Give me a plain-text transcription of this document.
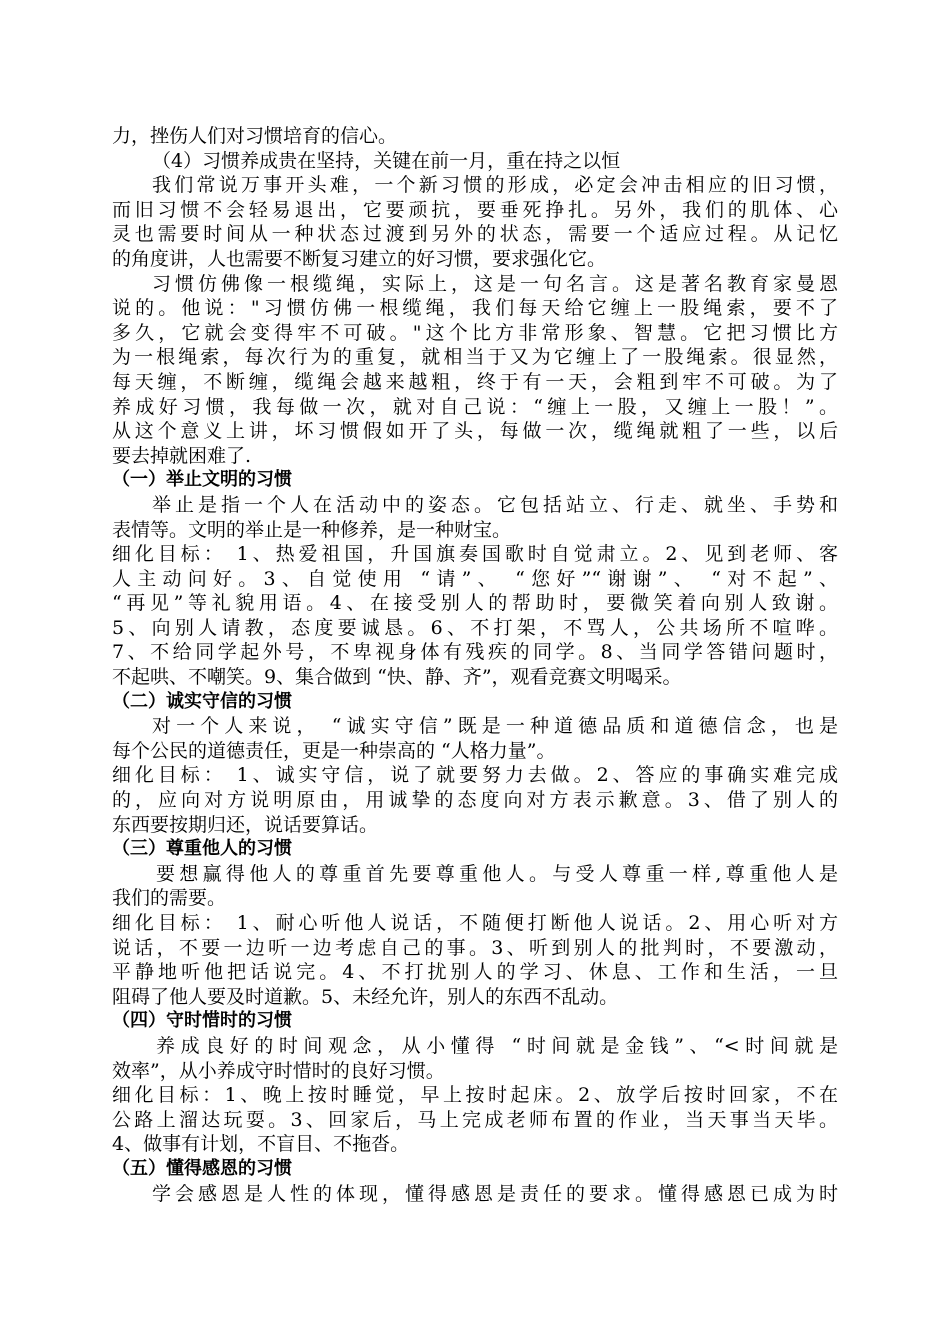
力，挫伤人们对习惯培育的信心。
（4）习惯养成贵在坚持，关键在前一月，重在持之以恒
我们常说万事开头难，一个新习惯的形成，必定会冲击相应的旧习惯，
而旧习惯不会轻易退出，它要顽抗，要垂死挣扎。另外，我们的肌体、心
灵也需要时间从一种状态过渡到另外的状态，需要一个适应过程。从记忆
的角度讲，人也需要不断复习建立的好习惯，要求强化它。
习惯仿佛像一根缆绳，实际上，这是一句名言。这是著名教育家曼恩
说的。他说："习惯仿佛一根缆绳，我们每天给它缠上一股绳索，要不了
多久，它就会变得牢不可破。"这个比方非常形象、智慧。它把习惯比方
为一根绳索，每次行为的重复，就相当于又为它缠上了一股绳索。很显然，
每天缠，不断缠，缆绳会越来越粗，终于有一天，会粗到牢不可破。为了
养成好习惯，我每做一次，就对自己说：“缠上一股，又缠上一股！”。
从这个意义上讲，坏习惯假如开了头，每做一次，缆绳就粗了一些，以后
要去掉就困难了.
（一）举止文明的习惯
举止是指一个人在活动中的姿态。它包括站立、行走、就坐、手势和
表情等。文明的举止是一种修养，是一种财宝。
细化目标： 1、热爱祖国，升国旗奏国歌时自觉肃立。2、见到老师、客
人主动问好。3、自觉使用 “请”、 “您好”“谢谢”、 “对不起”、
“再见”等礼貌用语。4、在接受别人的帮助时，要微笑着向别人致谢。
5、向别人请教，态度要诚恳。6、不打架，不骂人，公共场所不喧哗。
7、不给同学起外号，不卑视身体有残疾的同学。8、当同学答错问题时，
不起哄、不嘲笑。9、集合做到 “快、静、齐”，观看竞赛文明喝采。
（二）诚实守信的习惯
对一个人来说， “诚实守信”既是一种道德品质和道德信念，也是
每个公民的道德责任，更是一种崇高的 “人格力量”。
细化目标： 1、诚实守信，说了就要努力去做。2、答应的事确实难完成
的，应向对方说明原由，用诚挚的态度向对方表示歉意。3、借了别人的
东西要按期归还，说话要算话。
（三）尊重他人的习惯
要想赢得他人的尊重首先要尊重他人。与受人尊重一样,尊重他人是
我们的需要。
细化目标： 1、耐心听他人说话，不随便打断他人说话。2、用心听对方
说话，不要一边听一边考虑自己的事。3、听到别人的批判时，不要激动，
平静地听他把话说完。4、不打扰别人的学习、休息、工作和生活，一旦
阻碍了他人要及时道歉。5、未经允许，别人的东西不乱动。
（四）守时惜时的习惯
养成良好的时间观念，从小懂得 “时间就是金钱”、“<时间就是
效率”，从小养成守时惜时的良好习惯。
细化目标：1、晚上按时睡觉，早上按时起床。2、放学后按时回家，不在
公路上溜达玩耍。3、回家后，马上完成老师布置的作业，当天事当天毕。
4、做事有计划，不盲目、不拖沓。
（五）懂得感恩的习惯
学会感恩是人性的体现，懂得感恩是责任的要求。懂得感恩已成为时
